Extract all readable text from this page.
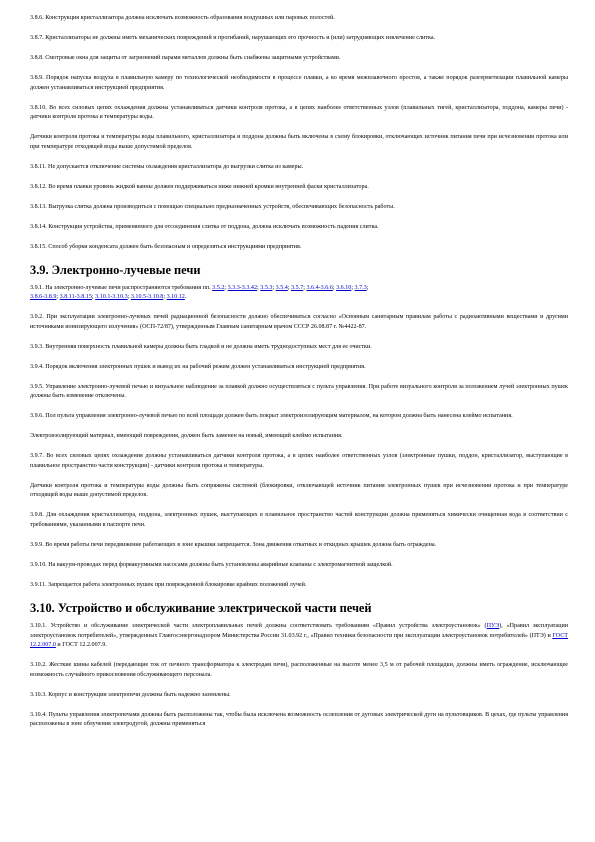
3.8.6. Конструкция кристаллизатора должна исключать возможность образования воздушных или паровых полостей.

3.8.7. Кристаллизаторы не должны иметь механических повреждений и прогибаний, нарушающих его прочность и (или) затрудняющих извлечение слитка.

3.8.8. Смотровые окна для защиты от загрязнений парами металлов должны быть снабжены защитными устройствами.

3.8.9. Порядок напуска воздуха в плавильную камеру по технологической необходимости в процессе плавки, а во время межплавочного простоя, а также порядок разгерметизации плавильной камеры должен устанавливаться инструкцией предприятия.

3.8.10. Во всех силовых цепях охлаждения должны устанавливаться датчики контроля протока, а в цепях наиболее ответственных узлов (плавильных тигей, кристаллизатора, поддона, камеры печи) - датчики контроля протока и температуры воды.

Датчики контроля протока и температуры воды плавильного, кристаллизатора и поддона должны быть включены в схему блокировки, отключающих источник питания печи при исчезновении протока или при температуре отходящей воды выше допустимой пределов.

3.8.11. Не допускается отключение системы охлаждения кристаллизатора до выгрузки слитка из камеры.

3.8.12. Во время плавки уровень жидкой ванны должен поддерживаться ниже нижней кромки внутренней фаски кристаллизатора.

3.8.13. Выгрузка слитка должна производиться с помощью специально предназначенных устройств, обеспечивающих безопасность работы.

3.8.14. Конструкция устройства, применяемого для отсоединения слитка от поддона, должна исключать возможность падения слитка.

3.8.15. Способ уборки конденсата должен быть безопасным и определяться инструкциями предприятия.

3.9. Электронно-лучевые печи

3.9.1. На электронно-лучевые печи распространяются требования пп. 3.5.2; 3.3.3-3.3.42; 3.5.3; 3.5.4; 3.5.7; 3.6.4-3.6.6; 3.6.10; 3.7.3;
3.8.6-3.8.9; 3.8.11-3.8.15; 3.10.1-3.10.3; 3.10.5-3.10.8; 3.10.12.

3.9.2. При эксплуатации электронно-лучевых печей радиационной безопасности должно обеспечиваться согласно «Основным санитарным правилам работы с радиоактивными веществами и другими источниками ионизирующего излучения» (ОСП-72/87), утвержденным Главным санитарным врачом СССР 26.08.87 г. №4422-87.

3.9.3. Внутренняя поверхность плавильной камеры должна быть гладкой и не должна иметь труднодоступных мест для ее очистки.

3.9.4. Порядок включения электронных пушек и вывод их на рабочий режим должен устанавливаться инструкцией предприятия.

3.9.5. Управление электронно-лучевой печью и визуальное наблюдение за плавкой должно осуществляться с пульта управления. При работе визуального контроля за положением лучей электронных пушек должны быть изменение отключены.

3.9.6. Пол пульта управления электронно-лучевой печью по всей площади должен быть покрыт электроизолирующим материалом, на котором должна быть нанесена клеймо испытания.

Электроизолирующий материал, имеющий повреждения, должен быть заменен на новый, имеющий клеймо испытания.

3.9.7. Во всех силовых цепях охлаждения должны устанавливаться датчики контроля протока, а в цепях наиболее ответственных узлов (электронные пушки, поддон, кристаллизатор, выступающие в плавильное пространство части конструкции) - датчики контроля протока и температуры.

Датчики контроля протока и температуры воды должны быть сопряжены системой (блокировки, отключающей источник питания электронных пушек при исчезновении протока и при температуре отходящей воды выше допустимой пределов.

3.9.8. Для охлаждения кристаллизатора, поддона, электронных пушек, выступающих в плавильное пространство частей конструкции должна применяться химически очищенная вода в соответствии с требованиями, указанными в паспорте печи.

3.9.9. Во время работы печи передвижение работающих в зоне крышки запрещается. Зона движения откатных и откидных крышек должна быть ограждена.

3.9.10. На вакуум-проводах перед форвакуумными насосами должны быть установлены аварийные клапаны с электромагнитной защелкой.

3.9.11. Запрещается работа электронных пушек при поврежденной блокировке крайних положений лучей.

3.10. Устройство и обслуживание электрической части печей

3.10.1. Устройство и обслуживание электрической части электроплавильных печей должны соответствовать требованиям «Правил устройства электроустановок» (ПУЭ), «Правил эксплуатации электроустановок потребителей», утвержденных Главгосэнергонадзором Министерства России 31.03.92 г., «Правил техники безопасности при эксплуатации электроустановок потребителей» (ПТЭ) и ГОСТ 12.2.007.0 и ГОСТ 12.2.007.9.

3.10.2. Жесткие шины кабелей (передающие ток от печного трансформатора к электродам печи), расположенные на высоте менее 3,5 м от рабочей площадки, должны иметь ограждение, исключающее возможность случайного прикосновения обслуживающего персонала.

3.10.3. Корпус и конструкции электропечи должны быть надежно заземлены.

3.10.4. Пульты управления электропечами должны быть расположены так, чтобы была исключена возможность ослепления от дуговых электрической дуги на пультовщиков. В цехах, где пульты управления расположены в зоне облучения электродугой, должны применяться
